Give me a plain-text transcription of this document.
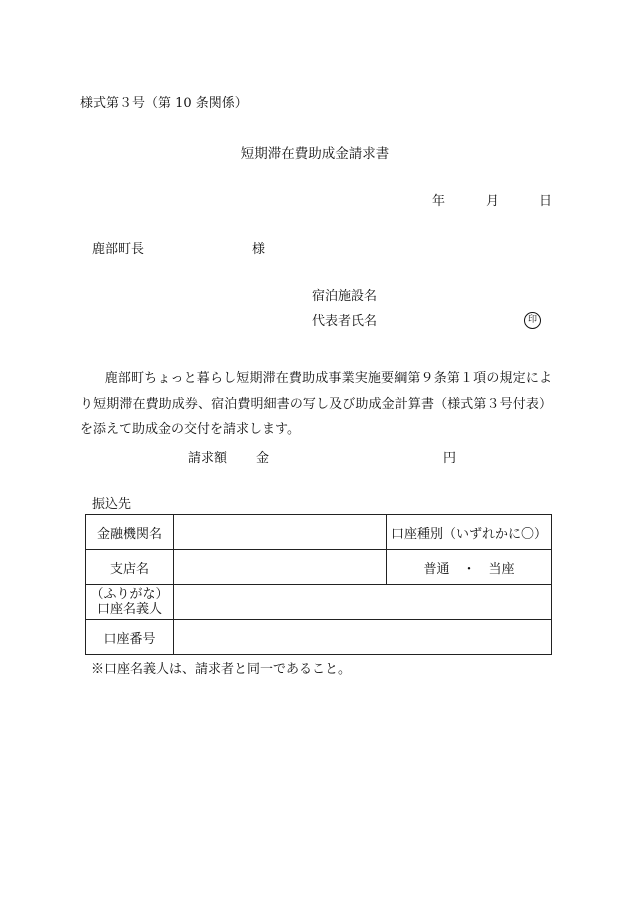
様式第３号（第 10 条関係）
短期滞在費助成金請求書
年	月	日
鹿部町長	様
宿泊施設名
代表者氏名	印

鹿部町ちょっと暮らし短期滞在費助成事業実施要綱第９条第１項の規定により短期滞在費助成券、宿泊費明細書の写し及び助成金計算書（様式第３号付表）を添えて助成金の交付を請求します。

請求額 金	円
振込先
金融機関名		口座種別（いずれかに〇）
支店名		普通　・　当座

（ふりがな）
口座名義人		

口座番号		
※口座名義人は、請求者と同一であること。
